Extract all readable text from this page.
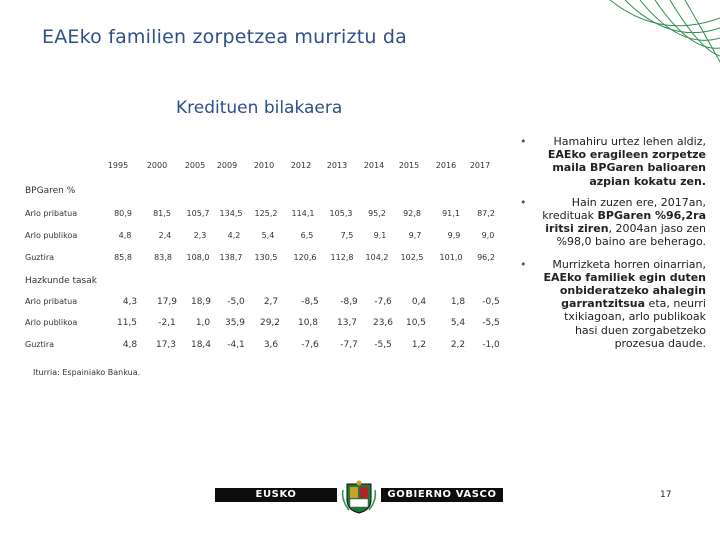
EAEko familien zorpetzea murriztu da
Kredituen bilakaera
1995 2000 2005 2009 2010 2012 2013 2014 2015 2016 2017
BPGaren %
Arlo pribatua	80,9	81,5 105,7 134,5 125,2 114,1 105,3 95,2 92,8	91,1 87,2
Arlo publikoa	4,8	2,4	2,3	4,2	5,4	6,5	7,5	9,1	9,7	9,9	9,0
Guztira	85,8	83,8 108,0 138,7 130,5 120,6 112,8 104,2 102,5 101,0 96,2
Hazkunde tasak
Arlo pribatua	4,3 17,9 18,9 -5,0 2,7	-8,5 -8,9 -7,6 0,4	1,8 -0,5
Arlo publikoa	11,5 -2,1 1,0 35,9 29,2 10,8 13,7 23,6 10,5	5,4 -5,5
Guztira	4,8 17,3 18,4 -4,1 3,6	-7,6 -7,7 -5,5 1,2	2,2 -1,0
Iturria: Espainiako Bankua.
•	Hamahiru urtez lehen aldiz, EAEko eragileen zorpetze maila BPGaren balioaren azpian kokatu zen.
•	Hain zuzen ere, 2017an, kredituak BPGaren %96,2ra iritsi ziren, 2004an jaso zen %98,0 baino are beherago.
•	Murrizketa horren oinarrian, EAEko familiek egin duten onbideratzeko ahalegin garrantzitsua eta, neurri txikiagoan, arlo publikoak hasi duen zorgabetzeko prozesua daude.
EUSKO JAURLARITZA
GOBIERNO VASCO	17
